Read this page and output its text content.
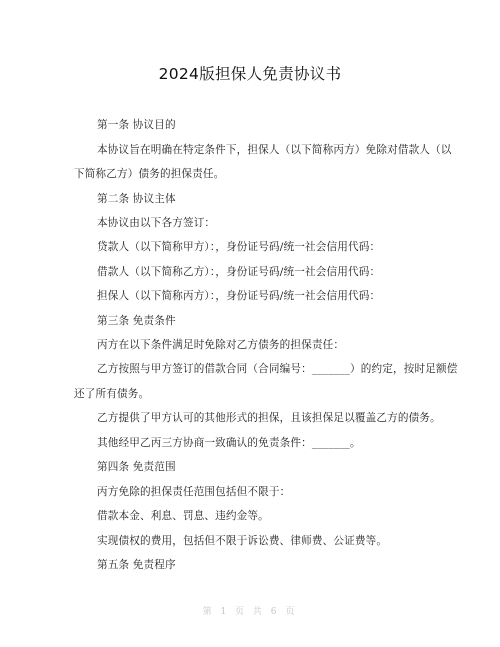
2024版担保人免责协议书
第一条 协议目的
本协议旨在明确在特定条件下，担保人（以下简称丙方）免除对借款人（以
下简称乙方）债务的担保责任。
第二条 协议主体
本协议由以下各方签订：
贷款人（以下简称甲方）：，身份证号码/统一社会信用代码：
借款人（以下简称乙方）：，身份证号码/统一社会信用代码：
担保人（以下简称丙方）：，身份证号码/统一社会信用代码：
第三条 免责条件
丙方在以下条件满足时免除对乙方债务的担保责任：
乙方按照与甲方签订的借款合同（合同编号：_______）的约定，按时足额偿
还了所有债务。
乙方提供了甲方认可的其他形式的担保，且该担保足以覆盖乙方的债务。
其他经甲乙丙三方协商一致确认的免责条件：_______。
第四条 免责范围
丙方免除的担保责任范围包括但不限于：
借款本金、利息、罚息、违约金等。
实现债权的费用，包括但不限于诉讼费、律师费、公证费等。
第五条 免责程序
第 1 页 共 6 页
